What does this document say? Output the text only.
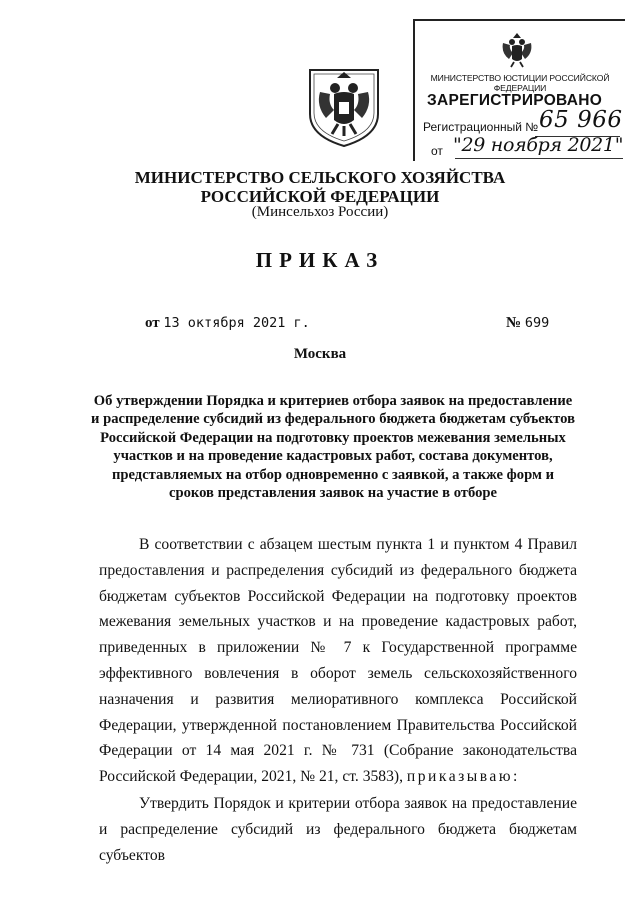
МИНИСТЕРСТВО ЮСТИЦИИ РОССИЙСКОЙ ФЕДЕРАЦИИ
ЗАРЕГИСТРИРОВАНО
Регистрационный № 65 966
от "29 ноября 2021"
МИНИСТЕРСТВО СЕЛЬСКОГО ХОЗЯЙСТВА
РОССИЙСКОЙ ФЕДЕРАЦИИ
(Минсельхоз России)
ПРИКАЗ
от 13 октября 2021 г.	№ 699
Москва
Об утверждении Порядка и критериев отбора заявок на предоставление и распределение субсидий из федерального бюджета бюджетам субъектов Российской Федерации на подготовку проектов межевания земельных участков и на проведение кадастровых работ, состава документов, представляемых на отбор одновременно с заявкой, а также форм и сроков представления заявок на участие в отборе
В соответствии с абзацем шестым пункта 1 и пунктом 4 Правил предоставления и распределения субсидий из федерального бюджета бюджетам субъектов Российской Федерации на подготовку проектов межевания земельных участков и на проведение кадастровых работ, приведенных в приложении № 7 к Государственной программе эффективного вовлечения в оборот земель сельскохозяйственного назначения и развития мелиоративного комплекса Российской Федерации, утвержденной постановлением Правительства Российской Федерации от 14 мая 2021 г. № 731 (Собрание законодательства Российской Федерации, 2021, № 21, ст. 3583), приказываю:
Утвердить Порядок и критерии отбора заявок на предоставление и распределение субсидий из федерального бюджета бюджетам субъектов
